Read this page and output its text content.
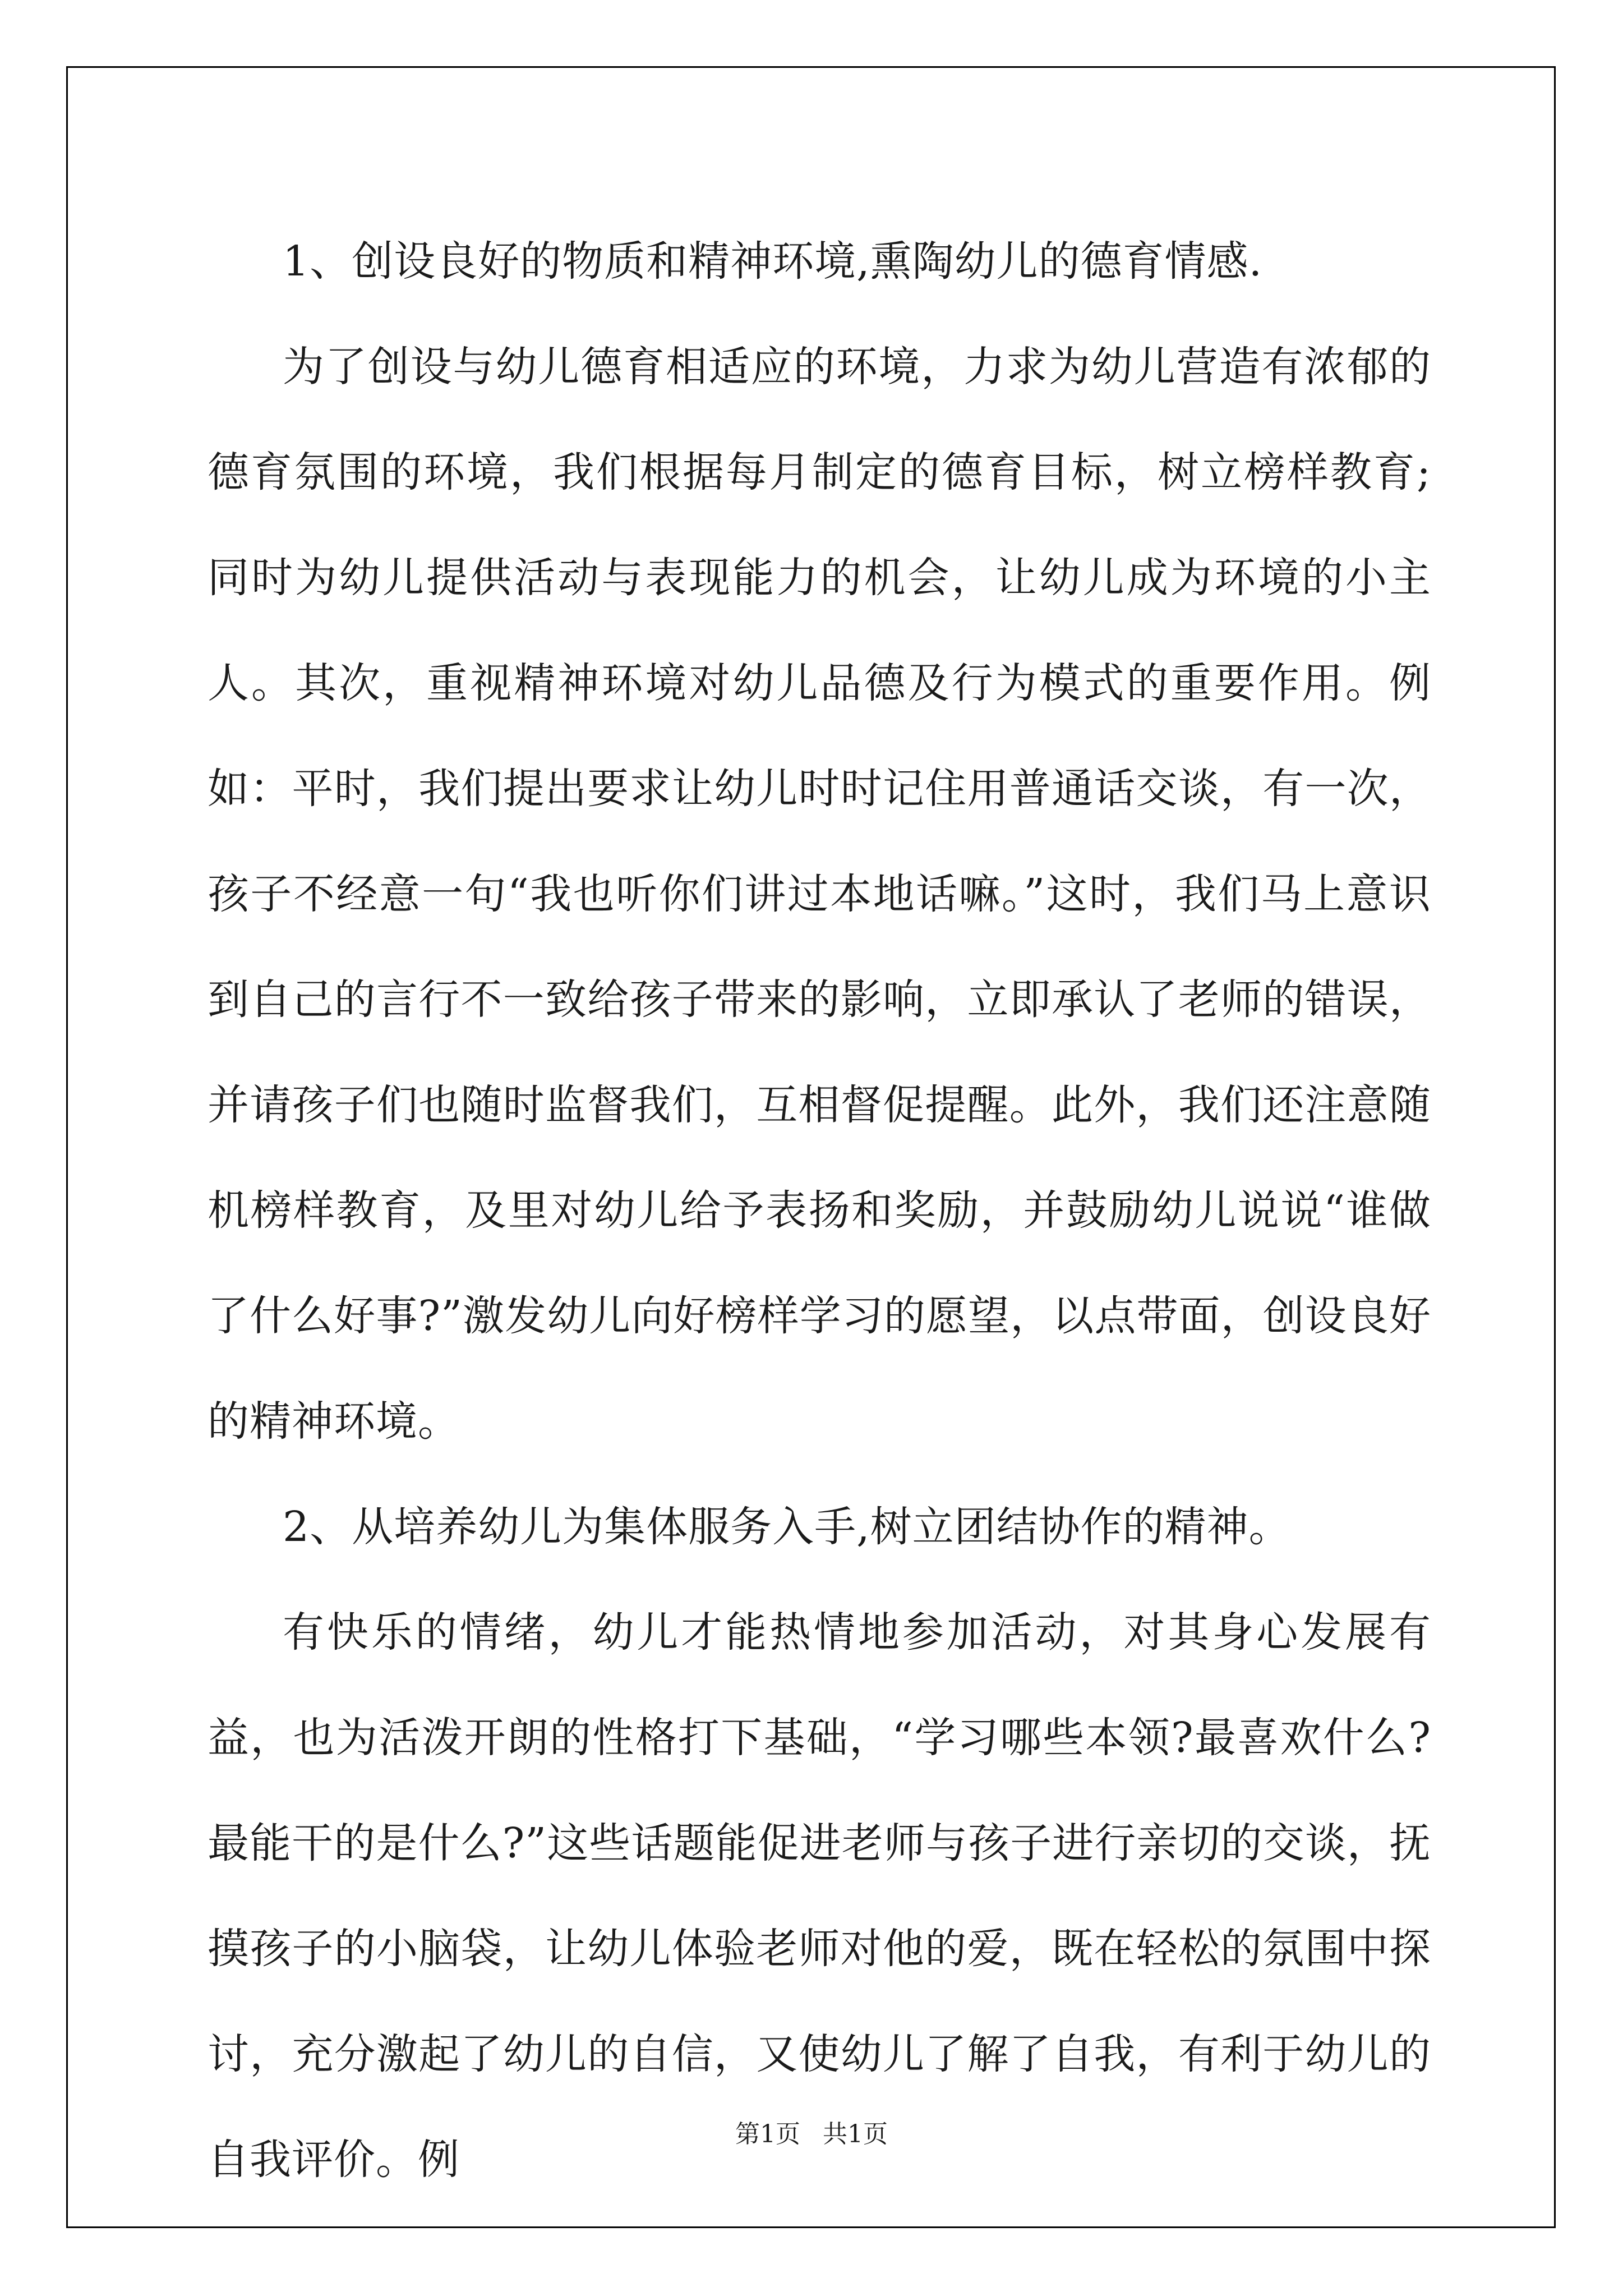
1、创设良好的物质和精神环境,熏陶幼儿的德育情感.

为了创设与幼儿德育相适应的环境，力求为幼儿营造有浓郁的德育氛围的环境，我们根据每月制定的德育目标，树立榜样教育;同时为幼儿提供活动与表现能力的机会，让幼儿成为环境的小主人。其次，重视精神环境对幼儿品德及行为模式的重要作用。例如：平时，我们提出要求让幼儿时时记住用普通话交谈，有一次，孩子不经意一句“我也听你们讲过本地话嘛。”这时，我们马上意识到自己的言行不一致给孩子带来的影响，立即承认了老师的错误，并请孩子们也随时监督我们，互相督促提醒。此外，我们还注意随机榜样教育，及里对幼儿给予表扬和奖励，并鼓励幼儿说说“谁做了什么好事?”激发幼儿向好榜样学习的愿望，以点带面，创设良好的精神环境。

2、从培养幼儿为集体服务入手,树立团结协作的精神。

有快乐的情绪，幼儿才能热情地参加活动，对其身心发展有益，也为活泼开朗的性格打下基础，“学习哪些本领?最喜欢什么?最能干的是什么?”这些话题能促进老师与孩子进行亲切的交谈，抚摸孩子的小脑袋，让幼儿体验老师对他的爱，既在轻松的氛围中探讨，充分激起了幼儿的自信，又使幼儿了解了自我，有利于幼儿的自我评价。例

第1页 共1页
